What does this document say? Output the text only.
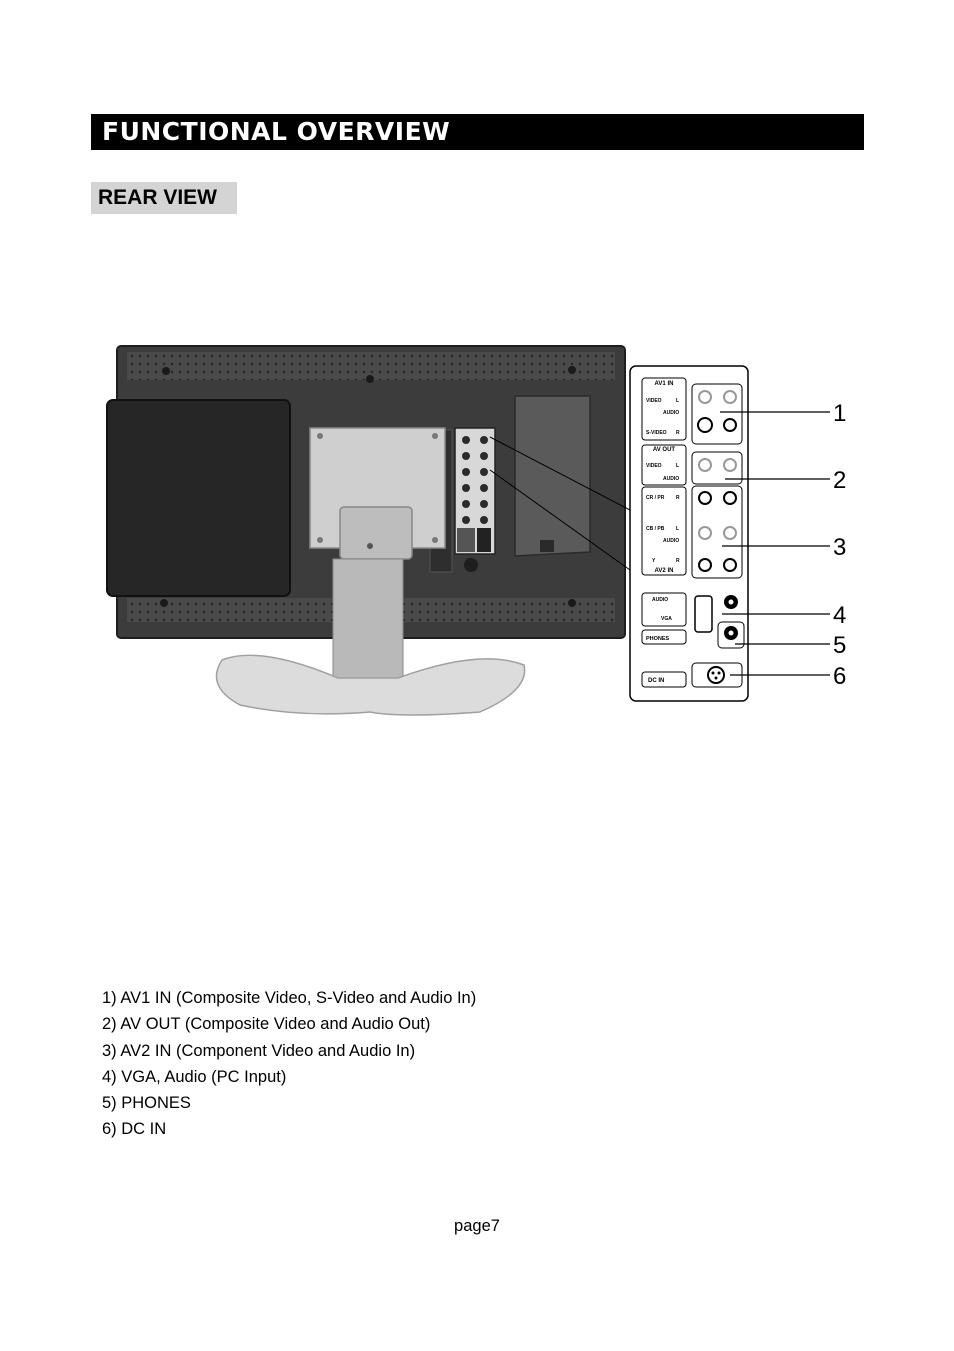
FUNCTIONAL OVERVIEW
REAR VIEW
AV1 IN
VIDEO
AUDIO
S-VIDEO
L
R
AV OUT
VIDEO
AUDIO
L
CR / PR R
CB / PB L
AUDIO
Y	R
AV2 IN
AUDIO
VGA
PHONES
DC IN
1
2
3
4
5
6
1) AV1 IN (Composite Video, S-Video and Audio In)
2) AV OUT (Composite Video and Audio Out)
3) AV2 IN (Component Video and Audio In)
4) VGA, Audio (PC Input)
5) PHONES
6) DC IN
page7
